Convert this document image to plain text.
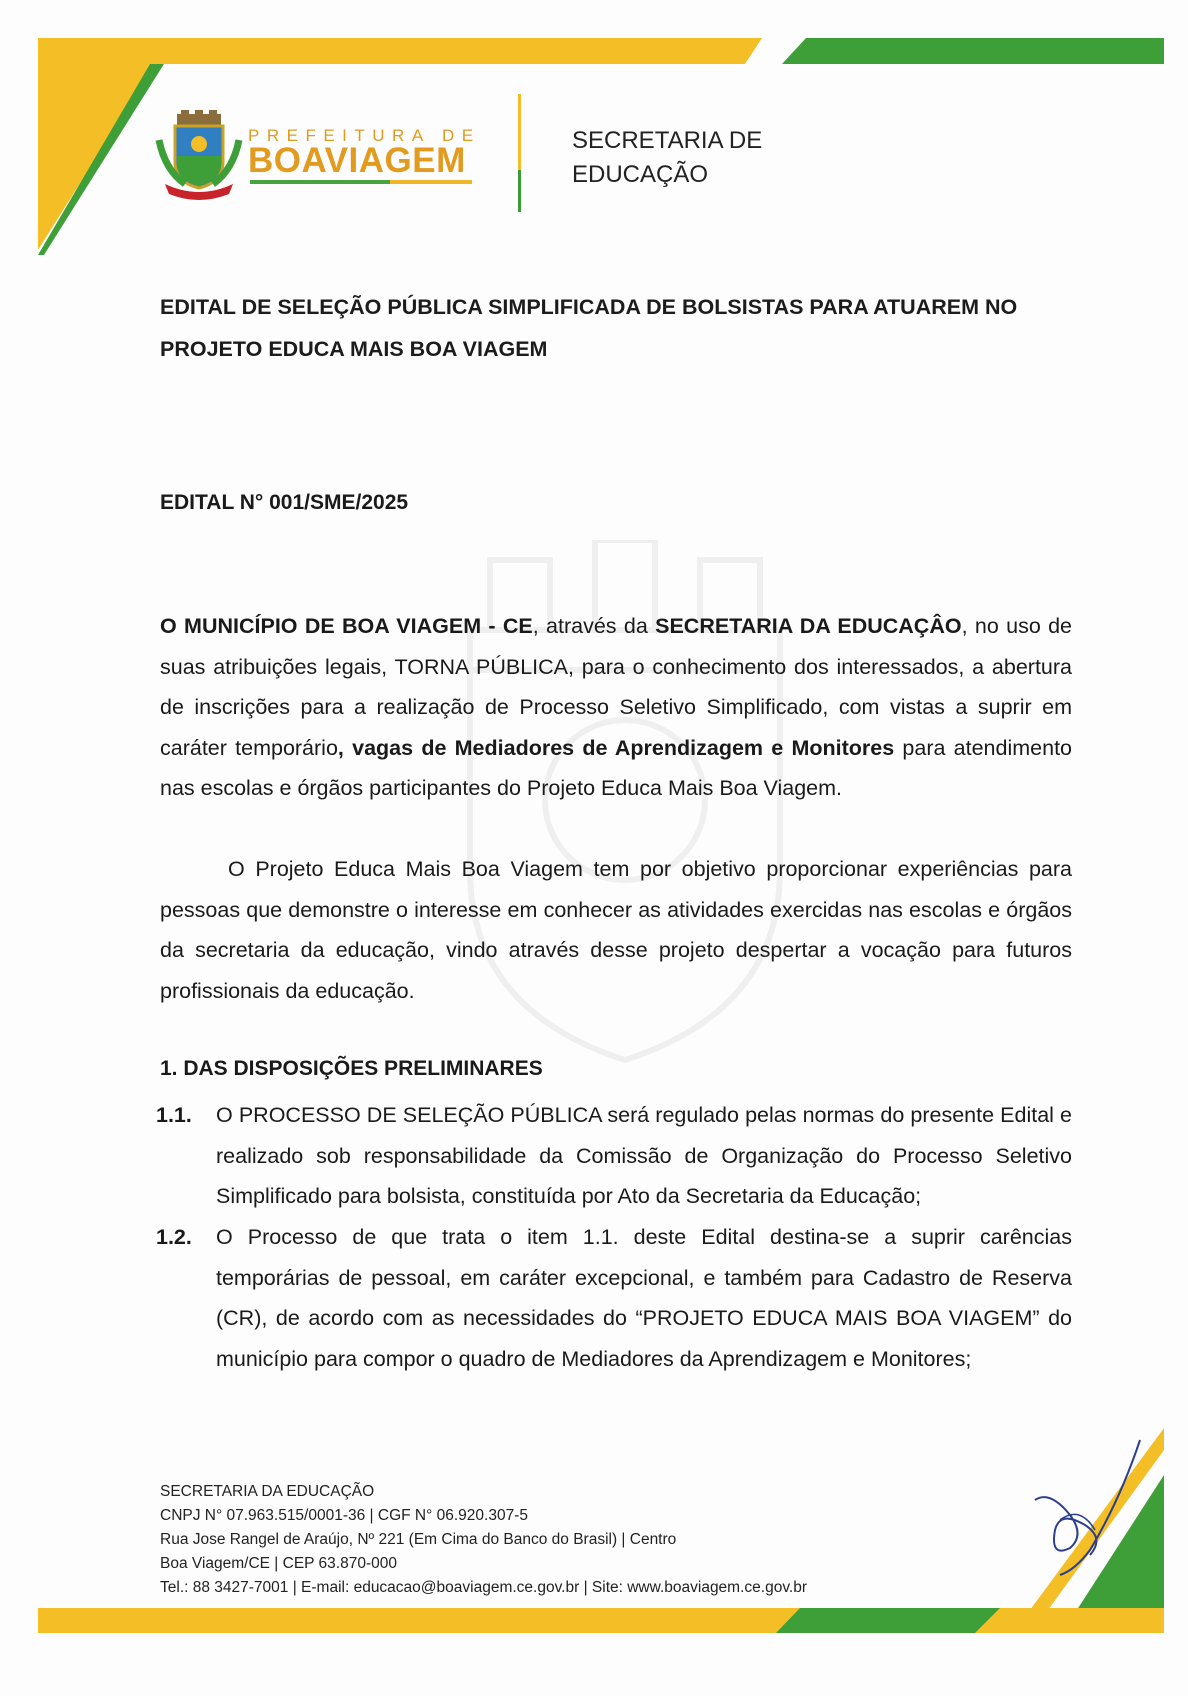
PREFEITURA DE
BOAVIAGEM
SECRETARIA DE
EDUCAÇÃO
EDITAL DE SELEÇÃO PÚBLICA SIMPLIFICADA DE BOLSISTAS PARA ATUAREM NO PROJETO EDUCA MAIS BOA VIAGEM
EDITAL N° 001/SME/2025
O MUNICÍPIO DE BOA VIAGEM - CE, através da SECRETARIA DA EDUCAÇÂO, no uso de suas atribuições legais, TORNA PÚBLICA, para o conhecimento dos interessados, a abertura de inscrições para a realização de Processo Seletivo Simplificado, com vistas a suprir em caráter temporário, vagas de Mediadores de Aprendizagem e Monitores para atendimento nas escolas e órgãos participantes do Projeto Educa Mais Boa Viagem.
O Projeto Educa Mais Boa Viagem tem por objetivo proporcionar experiências para pessoas que demonstre o interesse em conhecer as atividades exercidas nas escolas e órgãos da secretaria da educação, vindo através desse projeto despertar a vocação para futuros profissionais da educação.
1. DAS DISPOSIÇÕES PRELIMINARES
1.1. O PROCESSO DE SELEÇÃO PÚBLICA será regulado pelas normas do presente Edital e realizado sob responsabilidade da Comissão de Organização do Processo Seletivo Simplificado para bolsista, constituída por Ato da Secretaria da Educação;
1.2. O Processo de que trata o item 1.1. deste Edital destina-se a suprir carências temporárias de pessoal, em caráter excepcional, e também para Cadastro de Reserva (CR), de acordo com as necessidades do “PROJETO EDUCA MAIS BOA VIAGEM” do município para compor o quadro de Mediadores da Aprendizagem e Monitores;
SECRETARIA DA EDUCAÇÃO
CNPJ N° 07.963.515/0001-36 | CGF N° 06.920.307-5
Rua Jose Rangel de Araújo, Nº 221 (Em Cima do Banco do Brasil) | Centro
Boa Viagem/CE | CEP 63.870-000
Tel.: 88 3427-7001 | E-mail: educacao@boaviagem.ce.gov.br | Site: www.boaviagem.ce.gov.br
